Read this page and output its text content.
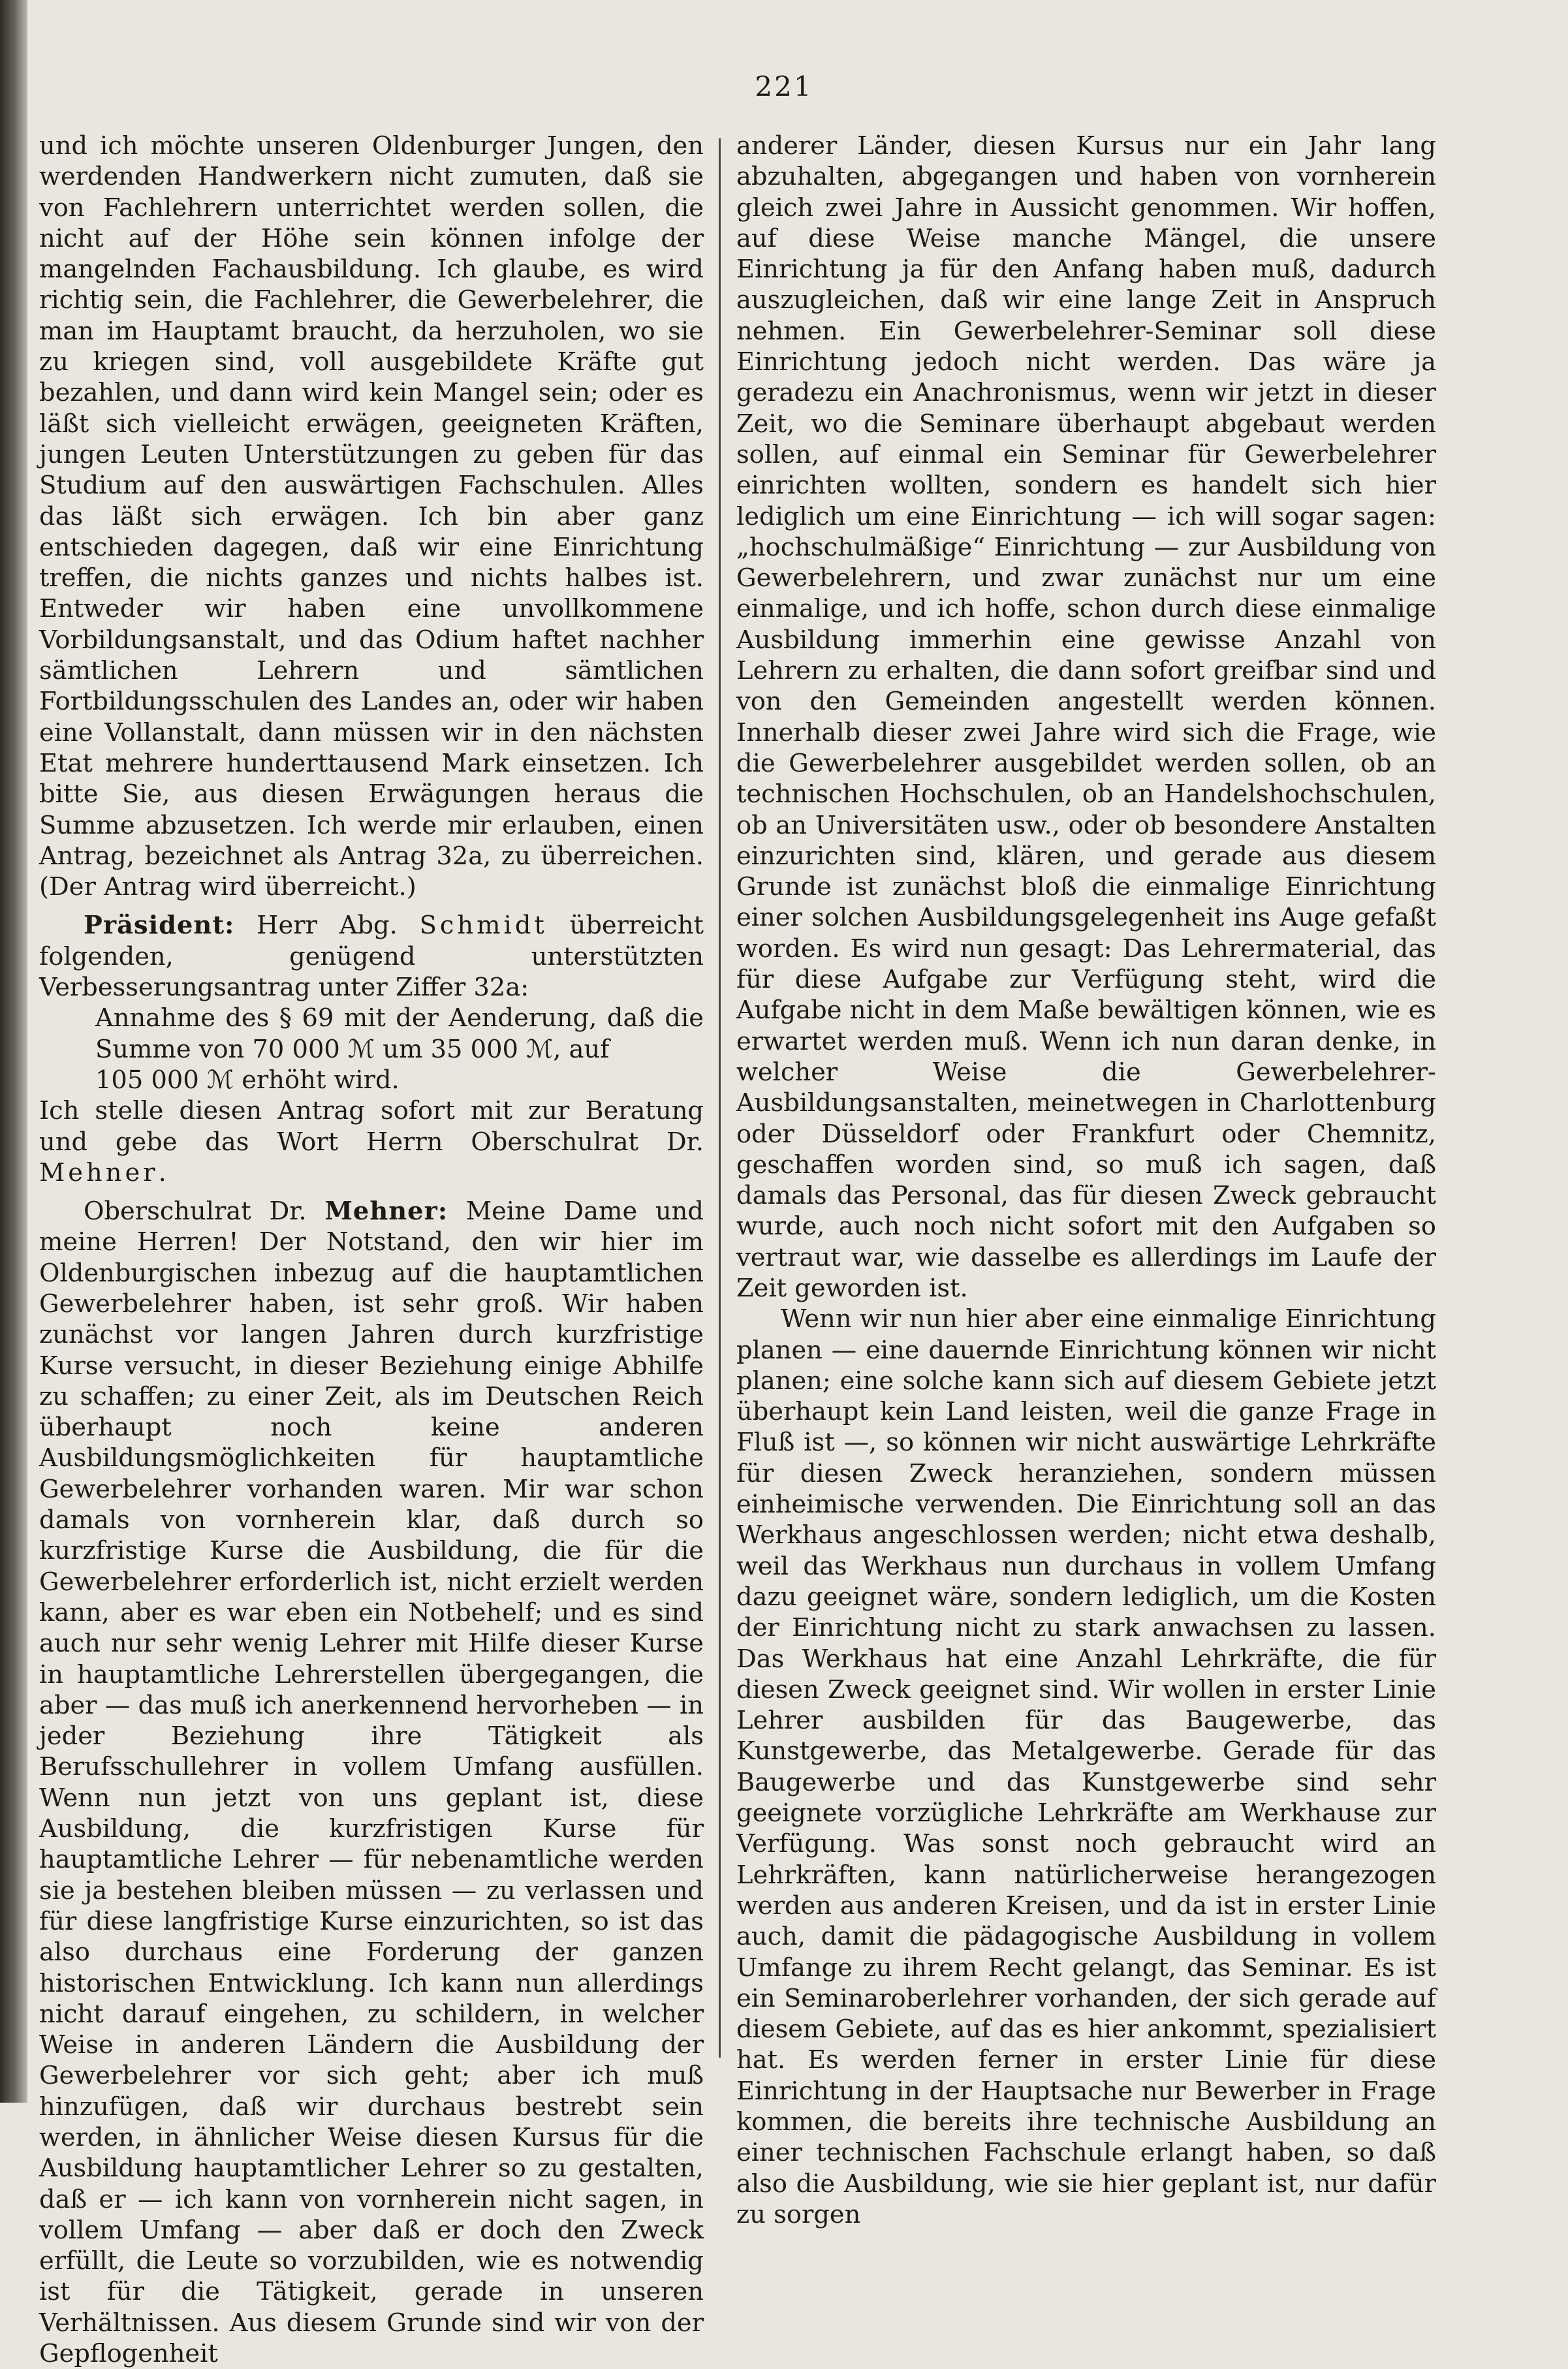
221

und ich möchte unseren Oldenburger Jungen, den werdenden Handwerkern nicht zumuten, daß sie von Fachlehrern unterrichtet werden sollen, die nicht auf der Höhe sein können infolge der mangelnden Fachausbildung. Ich glaube, es wird richtig sein, die Fachlehrer, die Gewerbelehrer, die man im Hauptamt braucht, da herzuholen, wo sie zu kriegen sind, voll ausgebildete Kräfte gut bezahlen, und dann wird kein Mangel sein; oder es läßt sich vielleicht erwägen, geeigneten Kräften, jungen Leuten Unterstützungen zu geben für das Studium auf den auswärtigen Fachschulen. Alles das läßt sich erwägen. Ich bin aber ganz entschieden dagegen, daß wir eine Einrichtung treffen, die nichts ganzes und nichts halbes ist. Entweder wir haben eine unvollkommene Vorbildungsanstalt, und das Odium haftet nachher sämtlichen Lehrern und sämtlichen Fortbildungsschulen des Landes an, oder wir haben eine Vollanstalt, dann müssen wir in den nächsten Etat mehrere hunderttausend Mark einsetzen. Ich bitte Sie, aus diesen Erwägungen heraus die Summe abzusetzen. Ich werde mir erlauben, einen Antrag, bezeichnet als Antrag 32a, zu überreichen. (Der Antrag wird überreicht.)

Präsident: Herr Abg. Schmidt überreicht folgenden, genügend unterstützten Verbesserungsantrag unter Ziffer 32a:

Annahme des § 69 mit der Aenderung, daß die Summe von 70 000 ℳ um 35 000 ℳ, auf

105 000 ℳ erhöht wird.

Ich stelle diesen Antrag sofort mit zur Beratung und gebe das Wort Herrn Oberschulrat Dr. Mehner.

Oberschulrat Dr. Mehner: Meine Dame und meine Herren! Der Notstand, den wir hier im Oldenburgischen inbezug auf die hauptamtlichen Gewerbelehrer haben, ist sehr groß. Wir haben zunächst vor langen Jahren durch kurzfristige Kurse versucht, in dieser Beziehung einige Abhilfe zu schaffen; zu einer Zeit, als im Deutschen Reich überhaupt noch keine anderen Ausbildungsmöglichkeiten für hauptamtliche Gewerbelehrer vorhanden waren. Mir war schon damals von vornherein klar, daß durch so kurzfristige Kurse die Ausbildung, die für die Gewerbelehrer erforderlich ist, nicht erzielt werden kann, aber es war eben ein Notbehelf; und es sind auch nur sehr wenig Lehrer mit Hilfe dieser Kurse in hauptamtliche Lehrerstellen übergegangen, die aber — das muß ich anerkennend hervorheben — in jeder Beziehung ihre Tätigkeit als Berufsschullehrer in vollem Umfang ausfüllen. Wenn nun jetzt von uns geplant ist, diese Ausbildung, die kurzfristigen Kurse für hauptamtliche Lehrer — für nebenamtliche werden sie ja bestehen bleiben müssen — zu verlassen und für diese langfristige Kurse einzurichten, so ist das also durchaus eine Forderung der ganzen historischen Entwicklung. Ich kann nun allerdings nicht darauf eingehen, zu schildern, in welcher Weise in anderen Ländern die Ausbildung der Gewerbelehrer vor sich geht; aber ich muß hinzufügen, daß wir durchaus bestrebt sein werden, in ähnlicher Weise diesen Kursus für die Ausbildung hauptamtlicher Lehrer so zu gestalten, daß er — ich kann von vornherein nicht sagen, in vollem Umfang — aber daß er doch den Zweck erfüllt, die Leute so vorzubilden, wie es notwendig ist für die Tätigkeit, gerade in unseren Verhältnissen. Aus diesem Grunde sind wir von der Gepflogenheit

anderer Länder, diesen Kursus nur ein Jahr lang abzuhalten, abgegangen und haben von vornherein gleich zwei Jahre in Aussicht genommen. Wir hoffen, auf diese Weise manche Mängel, die unsere Einrichtung ja für den Anfang haben muß, dadurch auszugleichen, daß wir eine lange Zeit in Anspruch nehmen. Ein Gewerbelehrer-Seminar soll diese Einrichtung jedoch nicht werden. Das wäre ja geradezu ein Anachronismus, wenn wir jetzt in dieser Zeit, wo die Seminare überhaupt abgebaut werden sollen, auf einmal ein Seminar für Gewerbelehrer einrichten wollten, sondern es handelt sich hier lediglich um eine Einrichtung — ich will sogar sagen: „hochschulmäßige“ Einrichtung — zur Ausbildung von Gewerbelehrern, und zwar zunächst nur um eine einmalige, und ich hoffe, schon durch diese einmalige Ausbildung immerhin eine gewisse Anzahl von Lehrern zu erhalten, die dann sofort greifbar sind und von den Gemeinden angestellt werden können. Innerhalb dieser zwei Jahre wird sich die Frage, wie die Gewerbelehrer ausgebildet werden sollen, ob an technischen Hochschulen, ob an Handelshochschulen, ob an Universitäten usw., oder ob besondere Anstalten einzurichten sind, klären, und gerade aus diesem Grunde ist zunächst bloß die einmalige Einrichtung einer solchen Ausbildungsgelegenheit ins Auge gefaßt worden. Es wird nun gesagt: Das Lehrermaterial, das für diese Aufgabe zur Verfügung steht, wird die Aufgabe nicht in dem Maße bewältigen können, wie es erwartet werden muß. Wenn ich nun daran denke, in welcher Weise die Gewerbelehrer-Ausbildungsanstalten, meinetwegen in Charlottenburg oder Düsseldorf oder Frankfurt oder Chemnitz, geschaffen worden sind, so muß ich sagen, daß damals das Personal, das für diesen Zweck gebraucht wurde, auch noch nicht sofort mit den Aufgaben so vertraut war, wie dasselbe es allerdings im Laufe der Zeit geworden ist.

Wenn wir nun hier aber eine einmalige Einrichtung planen — eine dauernde Einrichtung können wir nicht planen; eine solche kann sich auf diesem Gebiete jetzt überhaupt kein Land leisten, weil die ganze Frage in Fluß ist —, so können wir nicht auswärtige Lehrkräfte für diesen Zweck heranziehen, sondern müssen einheimische verwenden. Die Einrichtung soll an das Werkhaus angeschlossen werden; nicht etwa deshalb, weil das Werkhaus nun durchaus in vollem Umfang dazu geeignet wäre, sondern lediglich, um die Kosten der Einrichtung nicht zu stark anwachsen zu lassen. Das Werkhaus hat eine Anzahl Lehrkräfte, die für diesen Zweck geeignet sind. Wir wollen in erster Linie Lehrer ausbilden für das Baugewerbe, das Kunstgewerbe, das Metalgewerbe. Gerade für das Baugewerbe und das Kunstgewerbe sind sehr geeignete vorzügliche Lehrkräfte am Werkhause zur Verfügung. Was sonst noch gebraucht wird an Lehrkräften, kann natürlicherweise herangezogen werden aus anderen Kreisen, und da ist in erster Linie auch, damit die pädagogische Ausbildung in vollem Umfange zu ihrem Recht gelangt, das Seminar. Es ist ein Seminaroberlehrer vorhanden, der sich gerade auf diesem Gebiete, auf das es hier ankommt, spezialisiert hat. Es werden ferner in erster Linie für diese Einrichtung in der Hauptsache nur Bewerber in Frage kommen, die bereits ihre technische Ausbildung an einer technischen Fachschule erlangt haben, so daß also die Ausbildung, wie sie hier geplant ist, nur dafür zu sorgen
